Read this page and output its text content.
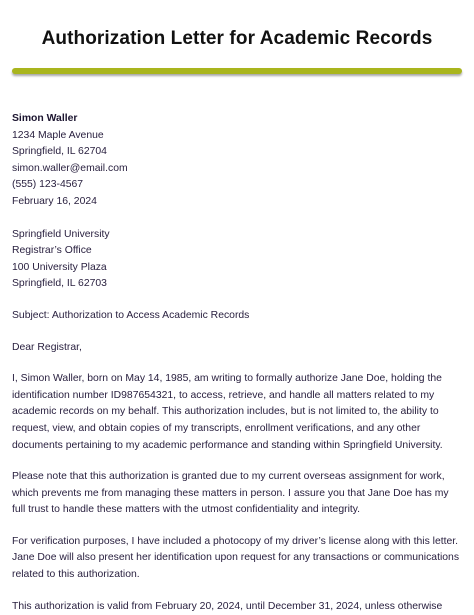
Authorization Letter for Academic Records

Simon Waller

1234 Maple Avenue

Springfield, IL 62704

simon.waller@email.com

(555) 123-4567

February 16, 2024

Springfield University

Registrar’s Office

100 University Plaza

Springfield, IL 62703

Subject: Authorization to Access Academic Records

Dear Registrar,

I, Simon Waller, born on May 14, 1985, am writing to formally authorize Jane Doe, holding the identification number ID987654321, to access, retrieve, and handle all matters related to my academic records on my behalf. This authorization includes, but is not limited to, the ability to request, view, and obtain copies of my transcripts, enrollment verifications, and any other documents pertaining to my academic performance and standing within Springfield University.

Please note that this authorization is granted due to my current overseas assignment for work, which prevents me from managing these matters in person. I assure you that Jane Doe has my full trust to handle these matters with the utmost confidentiality and integrity.

For verification purposes, I have included a photocopy of my driver’s license along with this letter. Jane Doe will also present her identification upon request for any transactions or communications related to this authorization.

This authorization is valid from February 20, 2024, until December 31, 2024, unless otherwise
